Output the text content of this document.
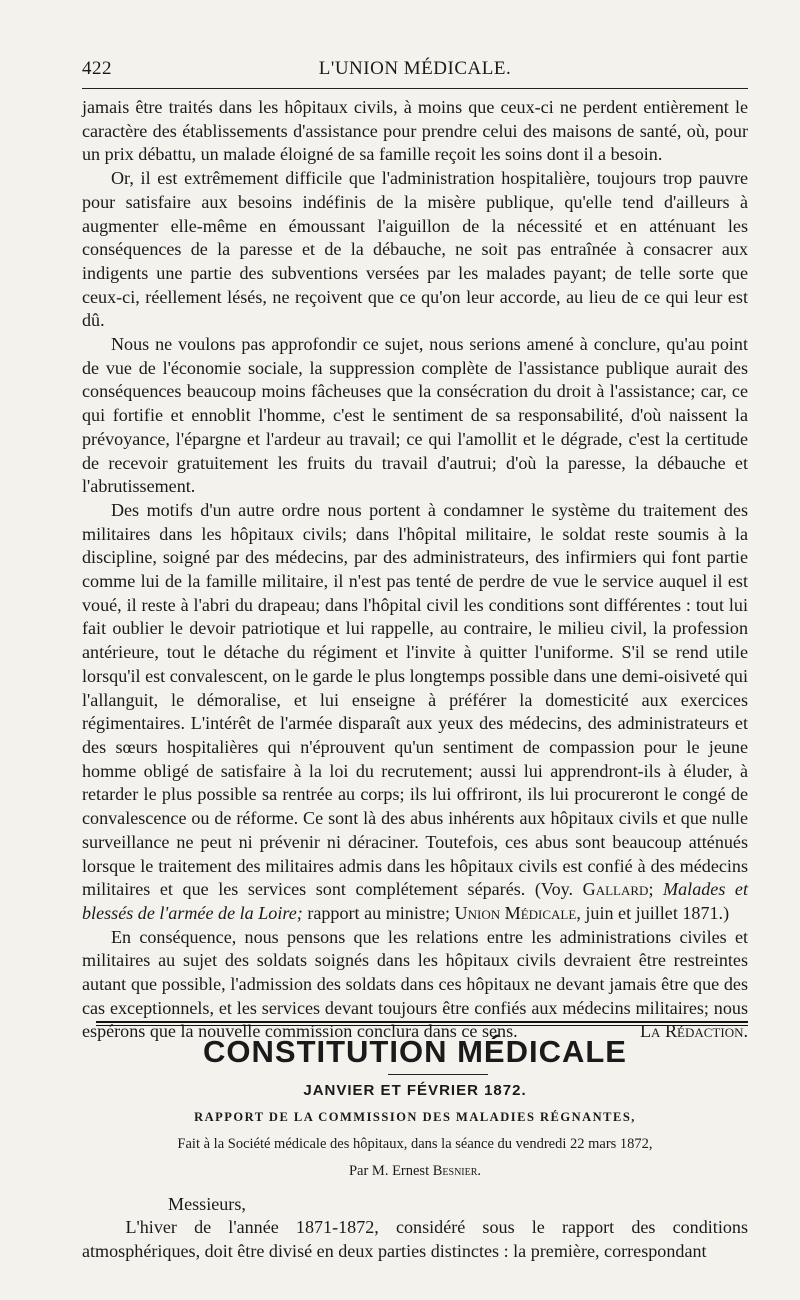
422	L'UNION MÉDICALE.

jamais être traités dans les hôpitaux civils, à moins que ceux-ci ne perdent entièrement le caractère des établissements d'assistance pour prendre celui des maisons de santé, où, pour un prix débattu, un malade éloigné de sa famille reçoit les soins dont il a besoin.

Or, il est extrêmement difficile que l'administration hospitalière, toujours trop pauvre pour satisfaire aux besoins indéfinis de la misère publique, qu'elle tend d'ailleurs à augmenter elle-même en émoussant l'aiguillon de la nécessité et en atténuant les conséquences de la paresse et de la débauche, ne soit pas entraînée à consacrer aux indigents une partie des subventions versées par les malades payant; de telle sorte que ceux-ci, réellement lésés, ne reçoivent que ce qu'on leur accorde, au lieu de ce qui leur est dû.

Nous ne voulons pas approfondir ce sujet, nous serions amené à conclure, qu'au point de vue de l'économie sociale, la suppression complète de l'assistance publique aurait des conséquences beaucoup moins fâcheuses que la consécration du droit à l'assistance; car, ce qui fortifie et ennoblit l'homme, c'est le sentiment de sa responsabilité, d'où naissent la prévoyance, l'épargne et l'ardeur au travail; ce qui l'amollit et le dégrade, c'est la certitude de recevoir gratuitement les fruits du travail d'autrui; d'où la paresse, la débauche et l'abrutissement.

Des motifs d'un autre ordre nous portent à condamner le système du traitement des militaires dans les hôpitaux civils; dans l'hôpital militaire, le soldat reste soumis à la discipline, soigné par des médecins, par des administrateurs, des infirmiers qui font partie comme lui de la famille militaire, il n'est pas tenté de perdre de vue le service auquel il est voué, il reste à l'abri du drapeau; dans l'hôpital civil les conditions sont différentes : tout lui fait oublier le devoir patriotique et lui rappelle, au contraire, le milieu civil, la profession antérieure, tout le détache du régiment et l'invite à quitter l'uniforme. S'il se rend utile lorsqu'il est convalescent, on le garde le plus longtemps possible dans une demi-oisiveté qui l'allanguit, le démoralise, et lui enseigne à préférer la domesticité aux exercices régimentaires. L'intérêt de l'armée disparaît aux yeux des médecins, des administrateurs et des sœurs hospitalières qui n'éprouvent qu'un sentiment de compassion pour le jeune homme obligé de satisfaire à la loi du recrutement; aussi lui apprendront-ils à éluder, à retarder le plus possible sa rentrée au corps; ils lui offriront, ils lui procureront le congé de convalescence ou de réforme. Ce sont là des abus inhérents aux hôpitaux civils et que nulle surveillance ne peut ni prévenir ni déraciner. Toutefois, ces abus sont beaucoup atténués lorsque le traitement des militaires admis dans les hôpitaux civils est confié à des médecins militaires et que les services sont complétement séparés. (Voy. Gallard; Malades et blessés de l'armée de la Loire; rapport au ministre; Union Médicale, juin et juillet 1871.)

En conséquence, nous pensons que les relations entre les administrations civiles et militaires au sujet des soldats soignés dans les hôpitaux civils devraient être restreintes autant que possible, l'admission des soldats dans ces hôpitaux ne devant jamais être que des cas exceptionnels, et les services devant toujours être confiés aux médecins militaires; nous espérons que la nouvelle commission conclura dans ce sens.	La Rédaction.

CONSTITUTION MÉDICALE
JANVIER ET FÉVRIER 1872.
RAPPORT DE LA COMMISSION DES MALADIES RÉGNANTES,
Fait à la Société médicale des hôpitaux, dans la séance du vendredi 22 mars 1872,
Par M. Ernest Besnier.
Messieurs,

L'hiver de l'année 1871-1872, considéré sous le rapport des conditions atmosphériques, doit être divisé en deux parties distinctes : la première, correspondant
